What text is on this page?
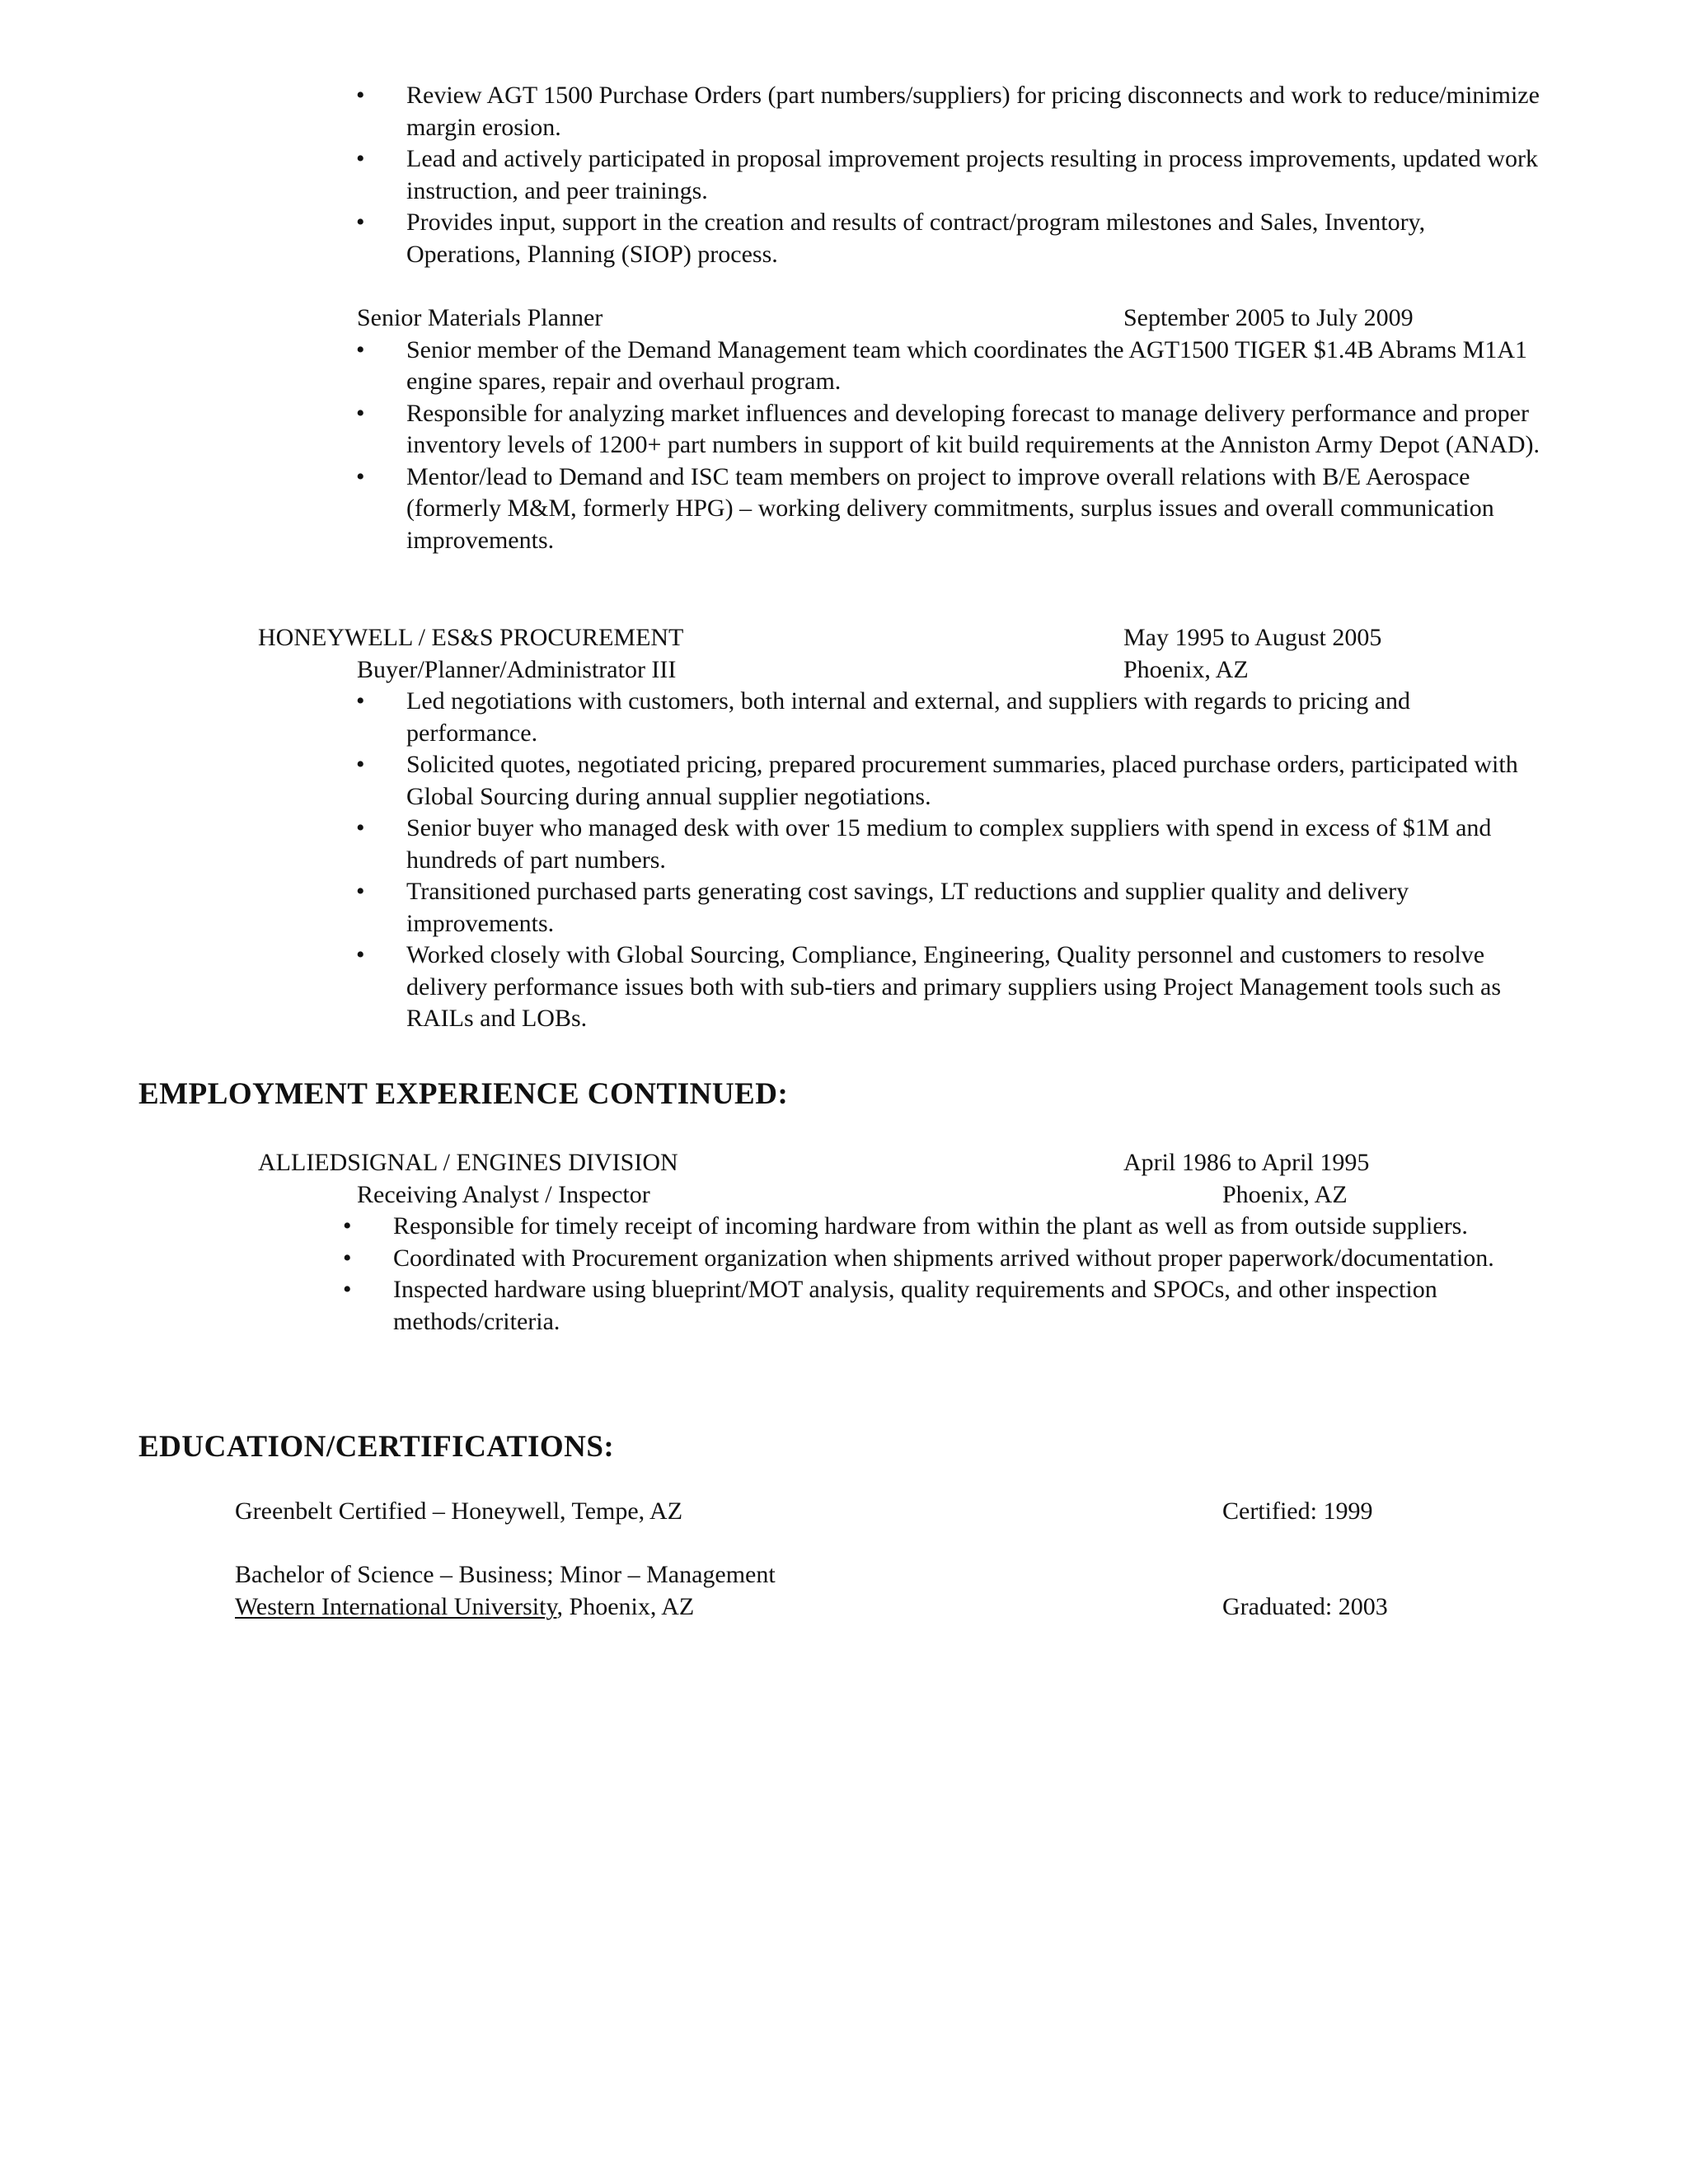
• Review AGT 1500 Purchase Orders (part numbers/suppliers) for pricing disconnects and work to reduce/minimize margin erosion.
• Lead and actively participated in proposal improvement projects resulting in process improvements, updated work instruction, and peer trainings.
• Provides input, support in the creation and results of contract/program milestones and Sales, Inventory, Operations, Planning (SIOP) process.
Senior Materials Planner	September 2005 to July 2009
• Senior member of the Demand Management team which coordinates the AGT1500 TIGER $1.4B Abrams M1A1 engine spares, repair and overhaul program.
• Responsible for analyzing market influences and developing forecast to manage delivery performance and proper inventory levels of 1200+ part numbers in support of kit build requirements at the Anniston Army Depot (ANAD).
• Mentor/lead to Demand and ISC team members on project to improve overall relations with B/E Aerospace (formerly M&M, formerly HPG) – working delivery commitments, surplus issues and overall communication improvements.
HONEYWELL / ES&S PROCUREMENT	May 1995 to August 2005
Buyer/Planner/Administrator III	Phoenix, AZ
• Led negotiations with customers, both internal and external, and suppliers with regards to pricing and performance.
• Solicited quotes, negotiated pricing, prepared procurement summaries, placed purchase orders, participated with Global Sourcing during annual supplier negotiations.
• Senior buyer who managed desk with over 15 medium to complex suppliers with spend in excess of $1M and hundreds of part numbers.
• Transitioned purchased parts generating cost savings, LT reductions and supplier quality and delivery improvements.
• Worked closely with Global Sourcing, Compliance, Engineering, Quality personnel and customers to resolve delivery performance issues both with sub-tiers and primary suppliers using Project Management tools such as RAILs and LOBs.
EMPLOYMENT EXPERIENCE CONTINUED:
ALLIEDSIGNAL / ENGINES DIVISION	April 1986 to April 1995
Receiving Analyst / Inspector	Phoenix, AZ
• Responsible for timely receipt of incoming hardware from within the plant as well as from outside suppliers.
• Coordinated with Procurement organization when shipments arrived without proper paperwork/documentation.
• Inspected hardware using blueprint/MOT analysis, quality requirements and SPOCs, and other inspection methods/criteria.
EDUCATION/CERTIFICATIONS:
Greenbelt Certified – Honeywell, Tempe, AZ	Certified: 1999
Bachelor of Science – Business; Minor – Management
Western International University, Phoenix, AZ	Graduated: 2003
